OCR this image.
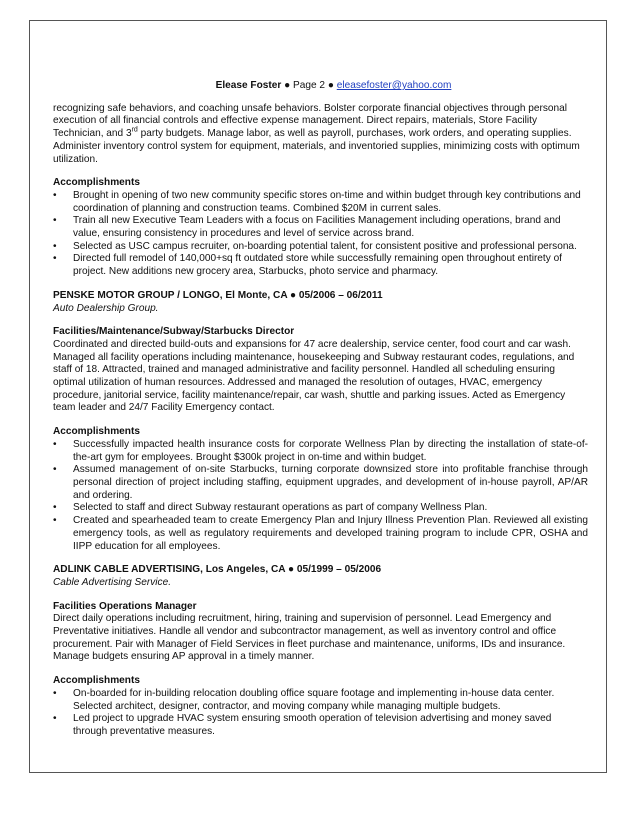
Elease Foster ● Page 2 ● eleasefoster@yahoo.com

recognizing safe behaviors, and coaching unsafe behaviors. Bolster corporate financial objectives through personal execution of all financial controls and effective expense management. Direct repairs, materials, Store Facility Technician, and 3rd party budgets. Manage labor, as well as payroll, purchases, work orders, and operating supplies. Administer inventory control system for equipment, materials, and inventoried supplies, minimizing costs with optimum utilization.

Accomplishments

• Brought in opening of two new community specific stores on-time and within budget through key contributions and coordination of planning and construction teams. Combined $20M in current sales.
• Train all new Executive Team Leaders with a focus on Facilities Management including operations, brand and value, ensuring consistency in procedures and level of service across brand.
• Selected as USC campus recruiter, on-boarding potential talent, for consistent positive and professional persona.
• Directed full remodel of 140,000+sq ft outdated store while successfully remaining open throughout entirety of project. New additions new grocery area, Starbucks, photo service and pharmacy.

PENSKE MOTOR GROUP / LONGO, El Monte, CA ● 05/2006 – 06/2011

Auto Dealership Group.

Facilities/Maintenance/Subway/Starbucks Director

Coordinated and directed build-outs and expansions for 47 acre dealership, service center, food court and car wash. Managed all facility operations including maintenance, housekeeping and Subway restaurant codes, regulations, and staff of 18. Attracted, trained and managed administrative and facility personnel. Handled all scheduling ensuring optimal utilization of human resources. Addressed and managed the resolution of outages, HVAC, emergency procedure, janitorial service, facility maintenance/repair, car wash, shuttle and parking issues. Acted as Emergency team leader and 24/7 Facility Emergency contact.

Accomplishments

• Successfully impacted health insurance costs for corporate Wellness Plan by directing the installation of state-of-the-art gym for employees. Brought $300k project in on-time and within budget.
• Assumed management of on-site Starbucks, turning corporate downsized store into profitable franchise through personal direction of project including staffing, equipment upgrades, and development of in-house payroll, AP/AR and ordering.
• Selected to staff and direct Subway restaurant operations as part of company Wellness Plan.
• Created and spearheaded team to create Emergency Plan and Injury Illness Prevention Plan. Reviewed all existing emergency tools, as well as regulatory requirements and developed training program to include CPR, OSHA and IIPP education for all employees.

ADLINK CABLE ADVERTISING, Los Angeles, CA ● 05/1999 – 05/2006

Cable Advertising Service.

Facilities Operations Manager

Direct daily operations including recruitment, hiring, training and supervision of personnel. Lead Emergency and Preventative initiatives. Handle all vendor and subcontractor management, as well as inventory control and office procurement. Pair with Manager of Field Services in fleet purchase and maintenance, uniforms, IDs and insurance. Manage budgets ensuring AP approval in a timely manner.

Accomplishments

• On-boarded for in-building relocation doubling office square footage and implementing in-house data center. Selected architect, designer, contractor, and moving company while managing multiple budgets.
• Led project to upgrade HVAC system ensuring smooth operation of television advertising and money saved through preventative measures.
